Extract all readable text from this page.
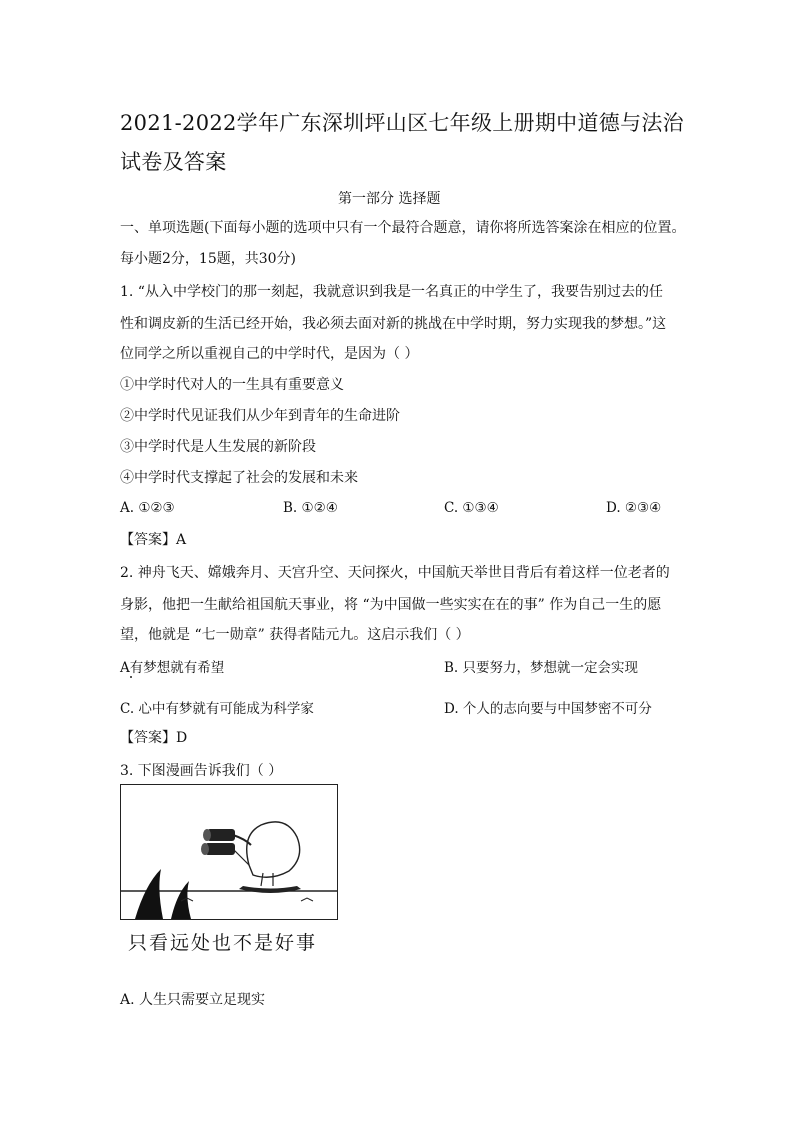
2021-2022学年广东深圳坪山区七年级上册期中道德与法治
试卷及答案
第一部分 选择题
一、单项选题(下面每小题的选项中只有一个最符合题意，请你将所选答案涂在相应的位置。
每小题2分，15题，共30分)
1. “从入中学校门的那一刻起，我就意识到我是一名真正的中学生了，我要告别过去的任
性和调皮新的生活已经开始，我必须去面对新的挑战在中学时期，努力实现我的梦想。”这
位同学之所以重视自己的中学时代，是因为（ ）
①中学时代对人的一生具有重要意义
②中学时代见证我们从少年到青年的生命进阶
③中学时代是人生发展的新阶段
④中学时代支撑起了社会的发展和未来
A. ①②③	B. ①②④	C. ①③④	D. ②③④
【答案】A
2. 神舟飞天、嫦娥奔月、天宫升空、天问探火，中国航天举世目背后有着这样一位老者的
身影，他把一生献给祖国航天事业，将 “为中国做一些实实在在的事” 作为自己一生的愿
望，他就是 “七一勋章” 获得者陆元九。这启示我们（ ）
A有梦想就有希望	B. 只要努力，梦想就一定会实现
C. 心中有梦就有可能成为科学家	D. 个人的志向要与中国梦密不可分
【答案】D
3. 下图漫画告诉我们（ ）
只看远处也不是好事
A. 人生只需要立足现实
